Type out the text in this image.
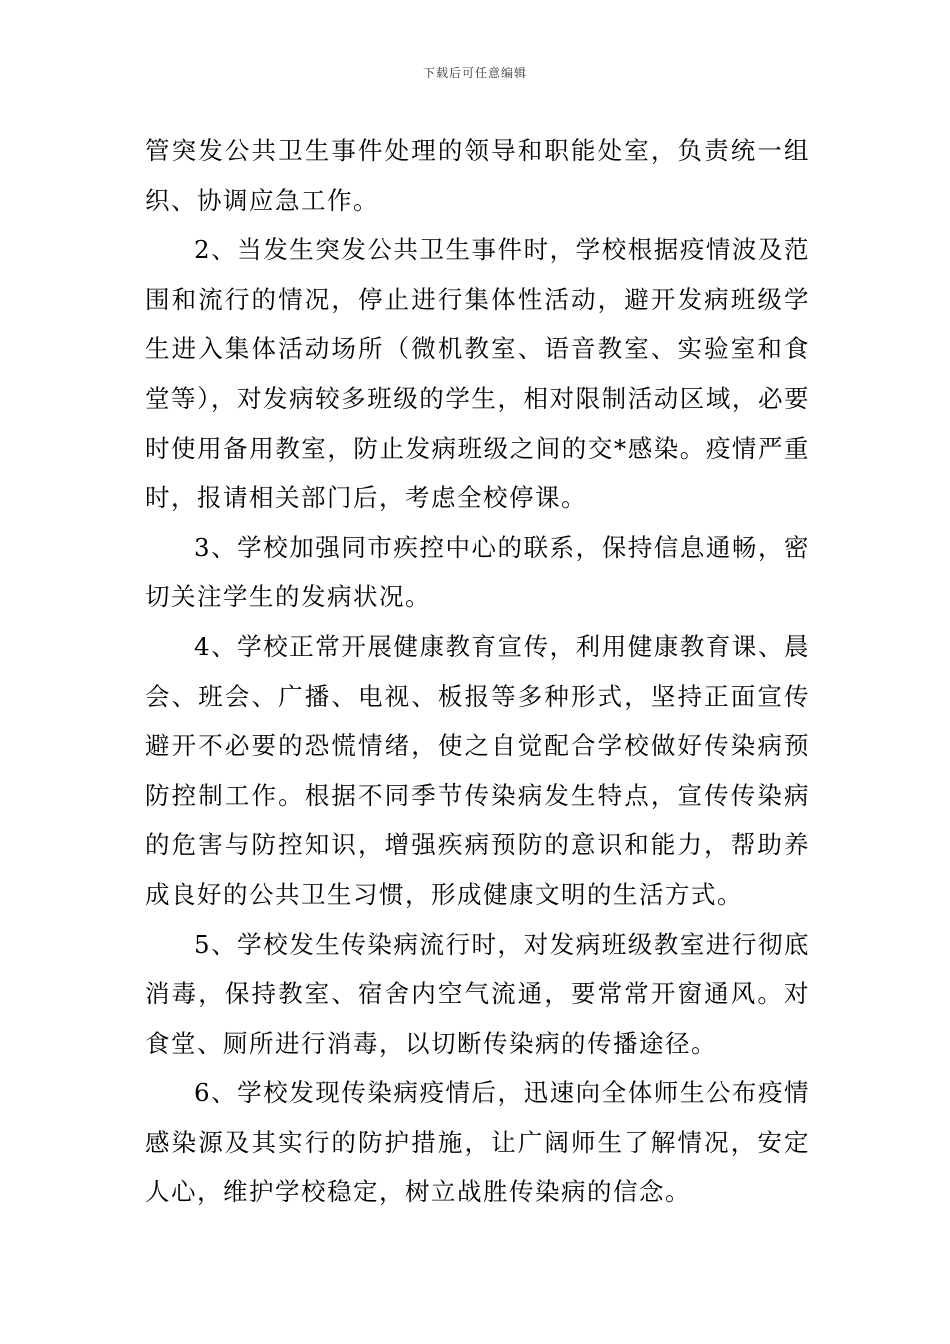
下载后可任意编辑

管突发公共卫生事件处理的领导和职能处室，负责统一组织、协调应急工作。

2、当发生突发公共卫生事件时，学校根据疫情波及范围和流行的情况，停止进行集体性活动，避开发病班级学生进入集体活动场所（微机教室、语音教室、实验室和食堂等），对发病较多班级的学生，相对限制活动区域，必要时使用备用教室，防止发病班级之间的交*感染。疫情严重时，报请相关部门后，考虑全校停课。

3、学校加强同市疾控中心的联系，保持信息通畅，密切关注学生的发病状况。

4、学校正常开展健康教育宣传，利用健康教育课、晨会、班会、广播、电视、板报等多种形式，坚持正面宣传避开不必要的恐慌情绪，使之自觉配合学校做好传染病预防控制工作。根据不同季节传染病发生特点，宣传传染病的危害与防控知识，增强疾病预防的意识和能力，帮助养成良好的公共卫生习惯，形成健康文明的生活方式。

5、学校发生传染病流行时，对发病班级教室进行彻底消毒，保持教室、宿舍内空气流通，要常常开窗通风。对食堂、厕所进行消毒，以切断传染病的传播途径。

6、学校发现传染病疫情后，迅速向全体师生公布疫情感染源及其实行的防护措施，让广阔师生了解情况，安定人心，维护学校稳定，树立战胜传染病的信念。
